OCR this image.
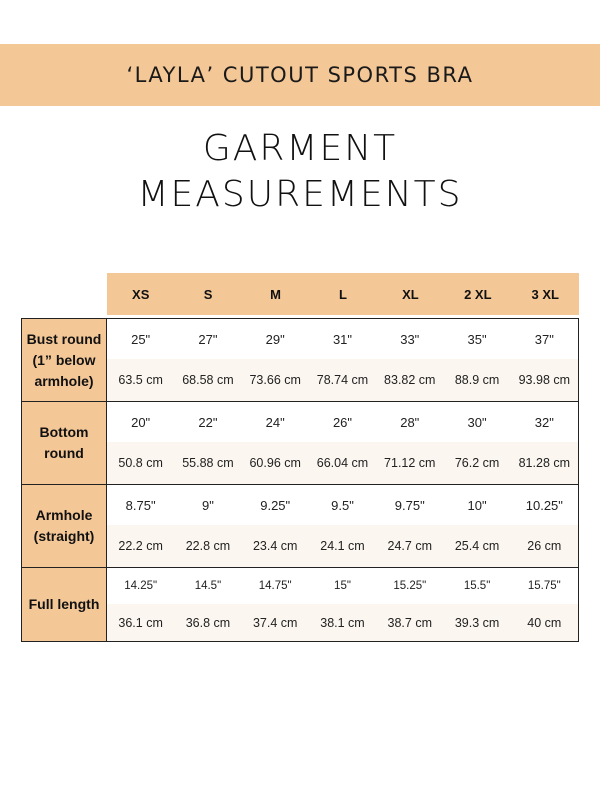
‘LAYLA’ CUTOUT SPORTS BRA
GARMENT
MEASUREMENTS
XS	S	M	L	XL	2 XL	3 XL
Bust round
(1” below
armhole)
25"	27"	29"	31"	33"	35"	37"
63.5 cm	68.58 cm	73.66 cm	78.74 cm	83.82 cm	88.9 cm	93.98 cm
Bottom
round
20"	22"	24"	26"	28"	30"	32"
50.8 cm	55.88 cm	60.96 cm	66.04 cm	71.12 cm	76.2 cm	81.28 cm
Armhole
(straight)
8.75"	9"	9.25"	9.5"	9.75"	10"	10.25"
22.2 cm	22.8 cm	23.4 cm	24.1 cm	24.7 cm	25.4 cm	26 cm
Full length
14.25"	14.5"	14.75"	15"	15.25"	15.5"	15.75"
36.1 cm	36.8 cm	37.4 cm	38.1 cm	38.7 cm	39.3 cm	40 cm
